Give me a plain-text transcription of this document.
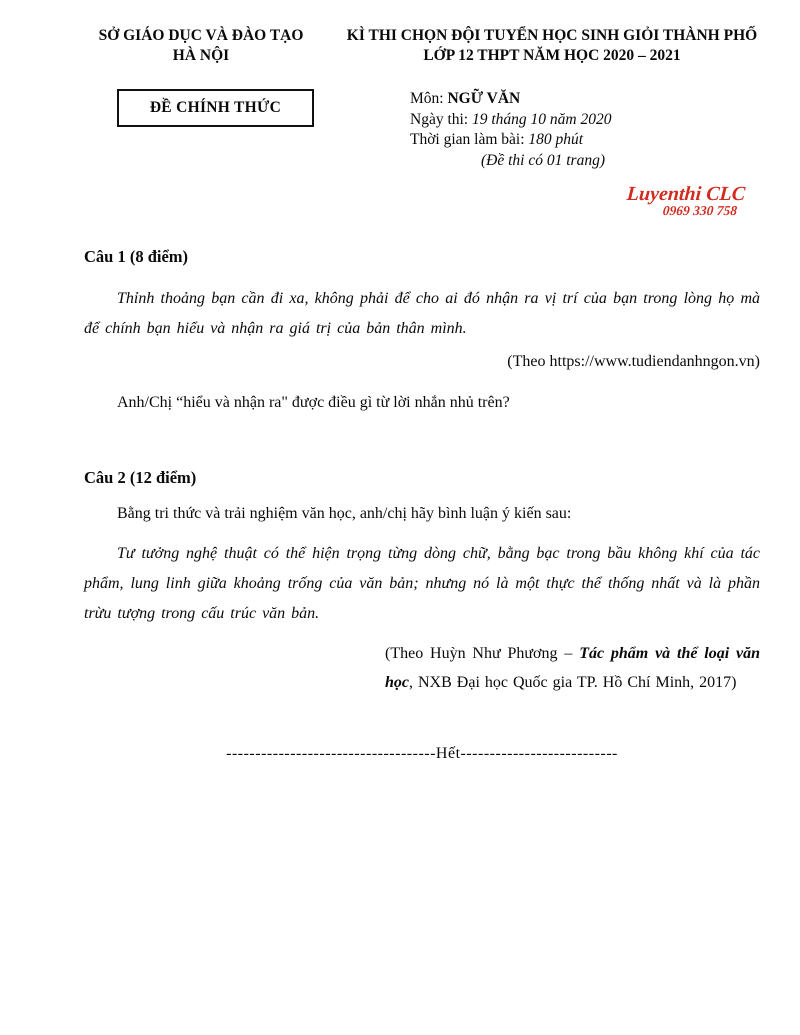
SỞ GIÁO DỤC VÀ ĐÀO TẠO
HÀ NỘI
KÌ THI CHỌN ĐỘI TUYỂN HỌC SINH GIỎI THÀNH PHỐ
LỚP 12 THPT NĂM HỌC 2020 – 2021
ĐỀ CHÍNH THỨC
Môn: NGỮ VĂN
Ngày thi: 19 tháng 10 năm 2020
Thời gian làm bài: 180 phút
(Đề thi có 01 trang)
Luyenthi CLC
0969 330 758
Câu 1 (8 điểm)
Thỉnh thoảng bạn cần đi xa, không phải để cho ai đó nhận ra vị trí của bạn trong lòng họ mà để chính bạn hiểu và nhận ra giá trị của bản thân mình.
(Theo https://www.tudiendanhngon.vn)
Anh/Chị “hiểu và nhận ra" được điều gì từ lời nhắn nhủ trên?
Câu 2 (12 điểm)
Bằng tri thức và trải nghiệm văn học, anh/chị hãy bình luận ý kiến sau:
Tư tưởng nghệ thuật có thể hiện trọng từng dòng chữ, bằng bạc trong bầu không khí của tác phẩm, lung linh giữa khoảng trống của văn bản; nhưng nó là một thực thể thống nhất và là phần trừu tượng trong cấu trúc văn bản.
(Theo Huỳn Như Phương – Tác phẩm và thể loại văn học, NXB Đại học Quốc gia TP. Hồ Chí Minh, 2017)
------------------------------------Hết---------------------------
